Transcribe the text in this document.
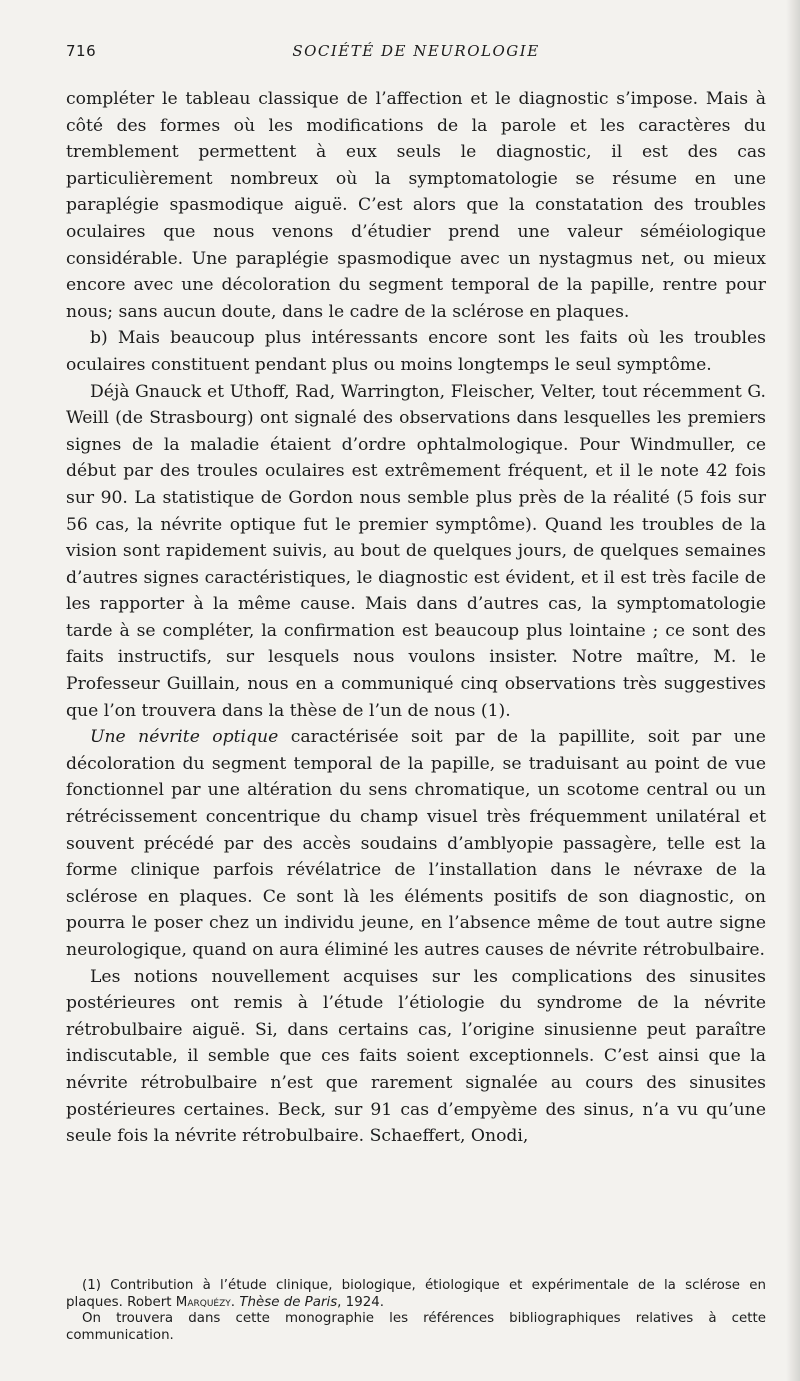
716	SOCIÉTÉ DE NEUROLOGIE

compléter le tableau classique de l’affection et le diagnostic s’impose. Mais à côté des formes où les modifications de la parole et les caractères du tremblement permettent à eux seuls le diagnostic, il est des cas particulièrement nombreux où la symptomatologie se résume en une paraplégie spasmodique aiguë. C’est alors que la constatation des troubles oculaires que nous venons d’étudier prend une valeur séméiologique considérable. Une paraplégie spasmodique avec un nystagmus net, ou mieux encore avec une décoloration du segment temporal de la papille, rentre pour nous; sans aucun doute, dans le cadre de la sclérose en plaques.

b) Mais beaucoup plus intéressants encore sont les faits où les troubles oculaires constituent pendant plus ou moins longtemps le seul symptôme.

Déjà Gnauck et Uthoff, Rad, Warrington, Fleischer, Velter, tout récemment G. Weill (de Strasbourg) ont signalé des observations dans lesquelles les premiers signes de la maladie étaient d’ordre ophtalmologique. Pour Windmuller, ce début par des troules oculaires est extrêmement fréquent, et il le note 42 fois sur 90. La statistique de Gordon nous semble plus près de la réalité (5 fois sur 56 cas, la névrite optique fut le premier symptôme). Quand les troubles de la vision sont rapidement suivis, au bout de quelques jours, de quelques semaines d’autres signes caractéristiques, le diagnostic est évident, et il est très facile de les rapporter à la même cause. Mais dans d’autres cas, la symptomatologie tarde à se compléter, la confirmation est beaucoup plus lointaine ; ce sont des faits instructifs, sur lesquels nous voulons insister. Notre maître, M. le Professeur Guillain, nous en a communiqué cinq observations très suggestives que l’on trouvera dans la thèse de l’un de nous (1).

Une névrite optique caractérisée soit par de la papillite, soit par une décoloration du segment temporal de la papille, se traduisant au point de vue fonctionnel par une altération du sens chromatique, un scotome central ou un rétrécissement concentrique du champ visuel très fréquemment unilatéral et souvent précédé par des accès soudains d’amblyopie passagère, telle est la forme clinique parfois révélatrice de l’installation dans le névraxe de la sclérose en plaques. Ce sont là les éléments positifs de son diagnostic, on pourra le poser chez un individu jeune, en l’absence même de tout autre signe neurologique, quand on aura éliminé les autres causes de névrite rétrobulbaire.

Les notions nouvellement acquises sur les complications des sinusites postérieures ont remis à l’étude l’étiologie du syndrome de la névrite rétrobulbaire aiguë. Si, dans certains cas, l’origine sinusienne peut paraître indiscutable, il semble que ces faits soient exceptionnels. C’est ainsi que la névrite rétrobulbaire n’est que rarement signalée au cours des sinusites postérieures certaines. Beck, sur 91 cas d’empyème des sinus, n’a vu qu’une seule fois la névrite rétrobulbaire. Schaeffert, Onodi,

(1) Contribution à l’étude clinique, biologique, étiologique et expérimentale de la sclérose en plaques. Robert Marquézy. Thèse de Paris, 1924.

On trouvera dans cette monographie les références bibliographiques relatives à cette communication.
